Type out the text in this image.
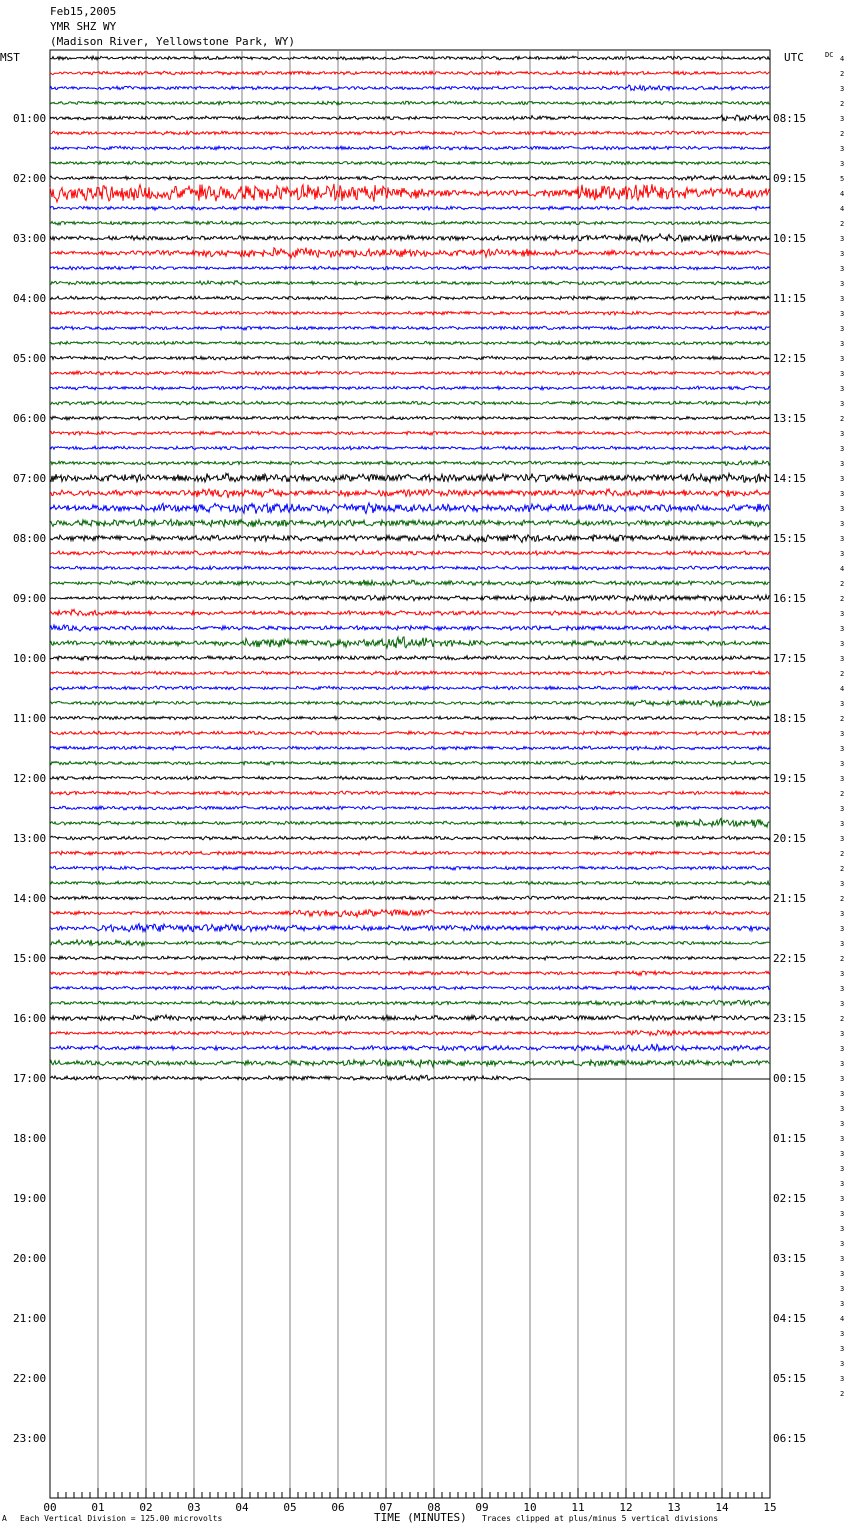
Feb15,2005
YMR SHZ WY
(Madison River, Yellowstone Park, WY)
MST	UTC	DC
01:00	08:15
02:00	09:15
03:00	10:15
04:00	11:15
05:00	12:15
06:00	13:15
07:00	14:15
08:00	15:15
09:00	16:15
10:00	17:15
11:00	18:15
12:00	19:15
13:00	20:15
14:00	21:15
15:00	22:15
16:00	23:15
17:00	00:15
18:00	01:15
19:00	02:15
20:00	03:15
21:00	04:15
22:00	05:15
23:00	06:15
4
2
3
2
3
2
3
3
5
4
4
2
3
3
3
3
3
3
3
3
3
3
3
3
2
3
3
3
3
3
3
3
3
3
4
2
2
3
3
3
3
2
4
3
2
3
3
3
3
2
3
3
3
2
2
3
2
3
3
3
2
3
3
3
2
3
3
3
3
3
3
3
3
3
3
3
3
3
3
3
3
3
3
3
4
3
3
3
3
2
00	01	02	03	04	05	06	07	08	09	10	11	12	13	14	15
A Each Vertical Division = 125.00 microvolts	TIME (MINUTES) Traces clipped at plus/minus 5 vertical divisions
